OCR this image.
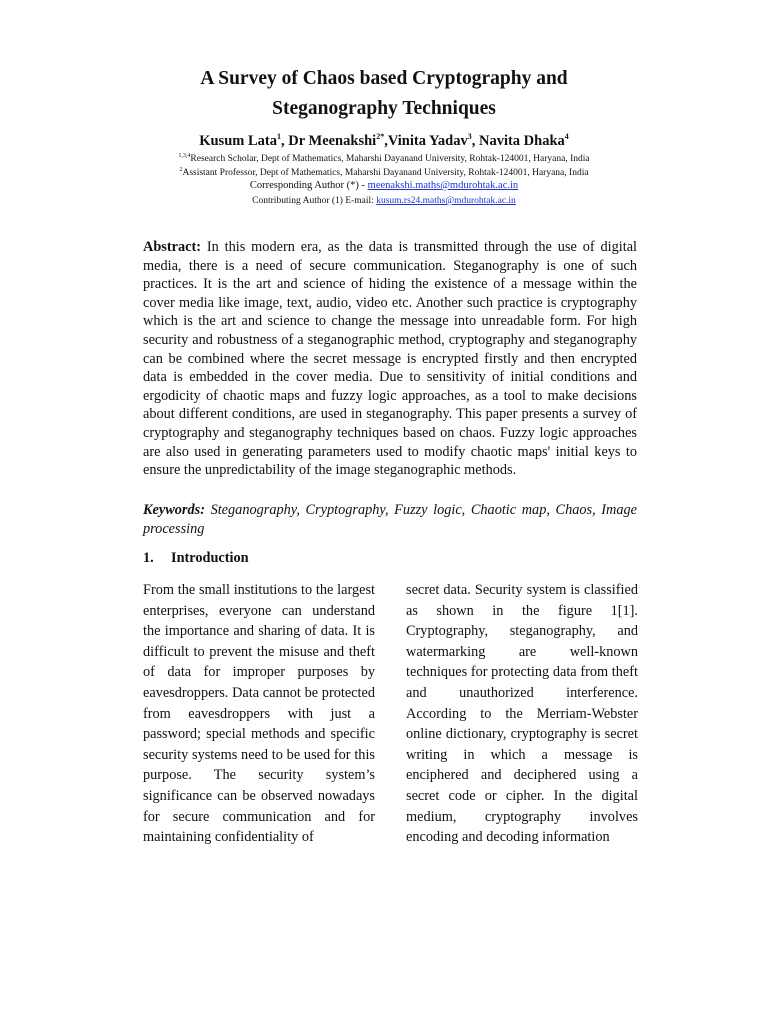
A Survey of Chaos based Cryptography and
Steganography Techniques
Kusum Lata$^1$, Dr Meenakshi$^{2*}$,Vinita Yadav$^3$, Navita Dhaka$^4$
$^{1,3,4}$Research Scholar, Dept of Mathematics, Maharshi Dayanand University, Rohtak-124001, Haryana, India
$^2$Assistant Professor, Dept of Mathematics, Maharshi Dayanand University, Rohtak-124001, Haryana, India
Corresponding Author (*) - meenakshi.maths@mdurohtak.ac.in
Contributing Author (1) E-mail: kusum.rs24.maths@mdurohtak.ac.in

Abstract: In this modern era, as the data is transmitted through the use of digital media, there is a need of secure communication. Steganography is one of such practices. It is the art and science of hiding the existence of a message within the cover media like image, text, audio, video etc. Another such practice is cryptography which is the art and science to change the message into unreadable form. For high security and robustness of a steganographic method, cryptography and steganography can be combined where the secret message is encrypted firstly and then encrypted data is embedded in the cover media. Due to sensitivity of initial conditions and ergodicity of chaotic maps and fuzzy logic approaches, as a tool to make decisions about different conditions, are used in steganography. This paper presents a survey of cryptography and steganography techniques based on chaos. Fuzzy logic approaches are also used in generating parameters used to modify chaotic maps' initial keys to ensure the unpredictability of the image steganographic methods.

Keywords: Steganography, Cryptography, Fuzzy logic, Chaotic map, Chaos, Image processing

1. Introduction

From the small institutions to the largest enterprises, everyone can understand the importance and sharing of data. It is difficult to prevent the misuse and theft of data for improper purposes by eavesdroppers. Data cannot be protected from eavesdroppers with just a password; special methods and specific security systems need to be used for this purpose. The security system’s significance can be observed nowadays for secure communication and for maintaining confidentiality of

secret data. Security system is classified as shown in the figure 1[1]. Cryptography, steganography, and watermarking are well-known techniques for protecting data from theft and unauthorized interference. According to the Merriam-Webster online dictionary, cryptography is secret writing in which a message is enciphered and deciphered using a secret code or cipher. In the digital medium, cryptography involves encoding and decoding information
